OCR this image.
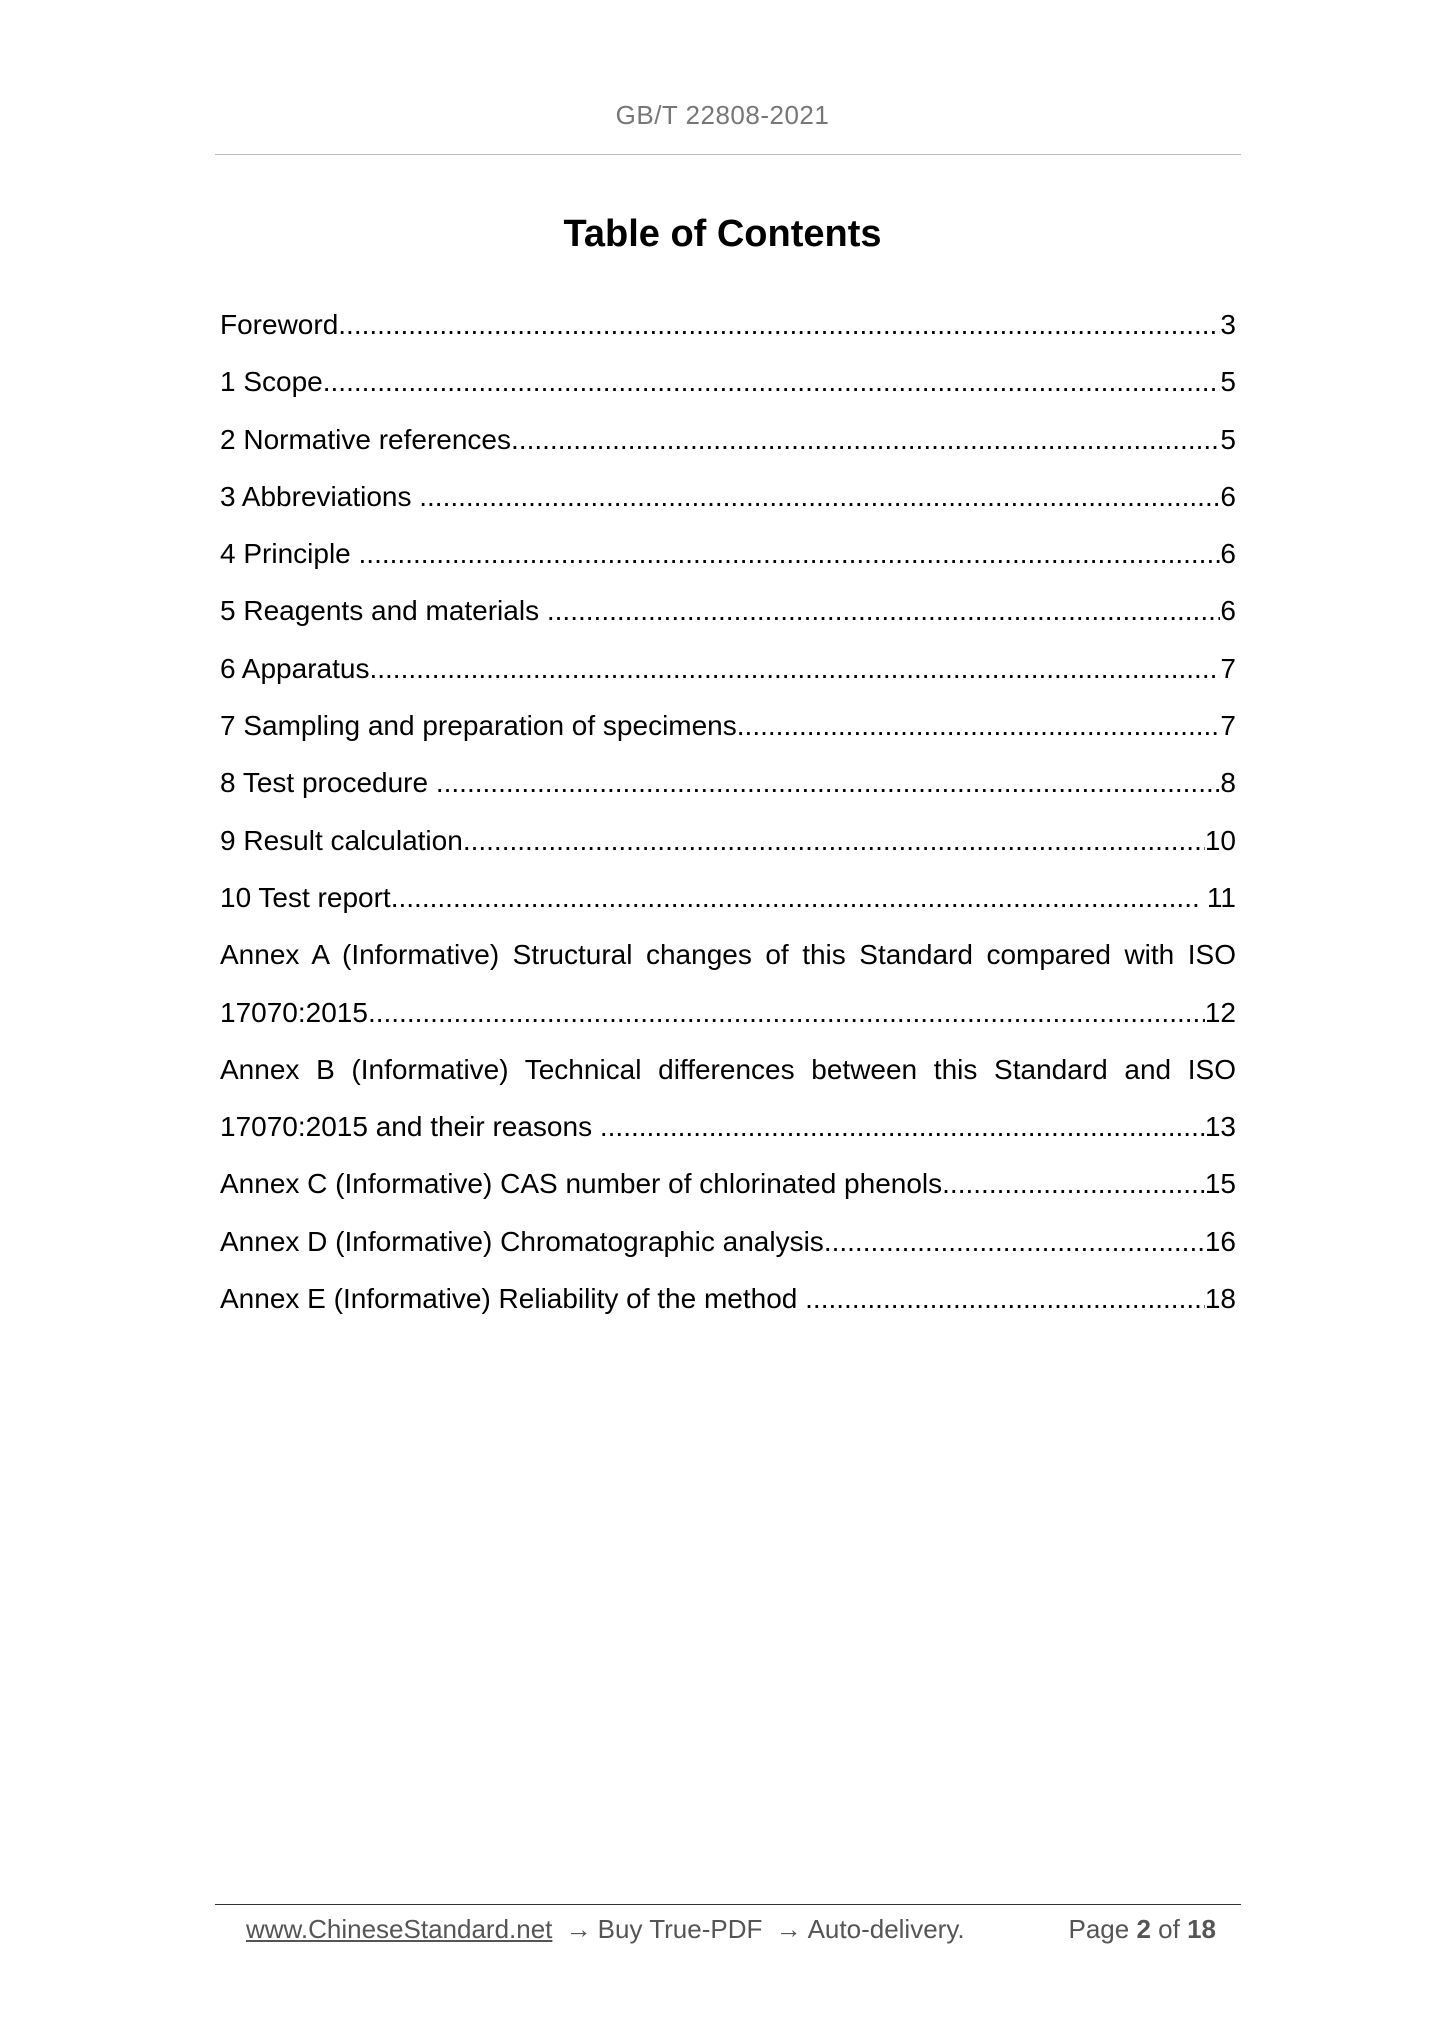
GB/T 22808-2021
Table of Contents
Foreword .....	3
1 Scope .....	5
2 Normative references .....	5
3 Abbreviations .....	6
4 Principle .....	6
5 Reagents and materials .....	6
6 Apparatus .....	7
7 Sampling and preparation of specimens .....	7
8 Test procedure .....	8
9 Result calculation .....	10
10 Test report .....	11
Annex A (Informative) Structural changes of this Standard compared with ISO
17070:2015 .....	12
Annex B (Informative) Technical differences between this Standard and ISO
17070:2015 and their reasons .....	13
Annex C (Informative) CAS number of chlorinated phenols .....	15
Annex D (Informative) Chromatographic analysis .....	16
Annex E (Informative) Reliability of the method .....	18
www.ChineseStandard.net → Buy True-PDF → Auto-delivery.	Page 2 of 18
